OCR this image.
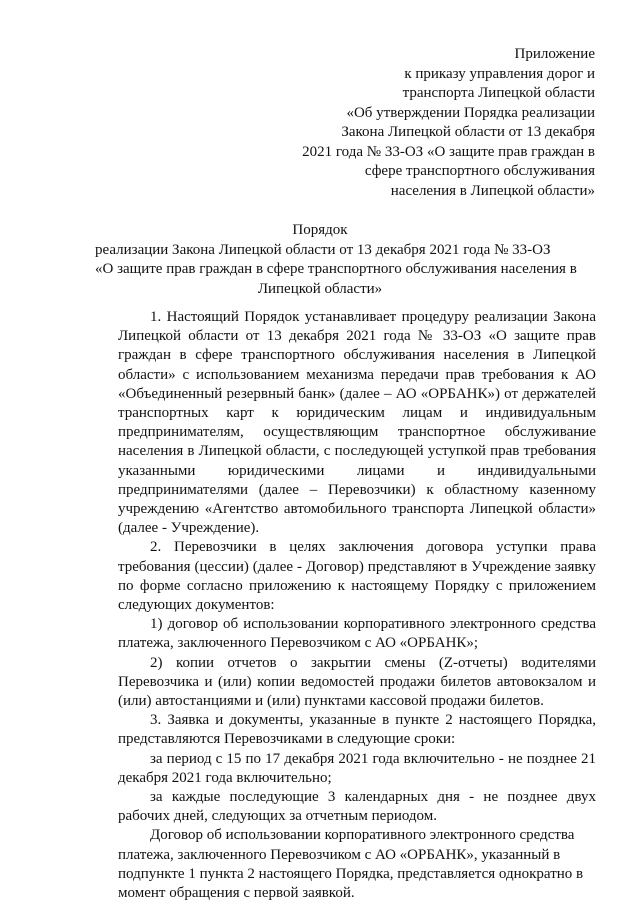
Приложение
к приказу управления дорог и
транспорта Липецкой области
«Об утверждении Порядка реализации
Закона Липецкой области от 13 декабря
2021 года № 33-ОЗ «О защите прав граждан в
сфере транспортного обслуживания
населения в Липецкой области»
Порядок
реализации Закона Липецкой области от 13 декабря 2021 года № 33-ОЗ
«О защите прав граждан в сфере транспортного обслуживания населения в
Липецкой области»

1. Настоящий Порядок устанавливает процедуру реализации Закона Липецкой области от 13 декабря 2021 года № 33-ОЗ «О защите прав граждан в сфере транспортного обслуживания населения в Липецкой области» с использованием механизма передачи прав требования к АО «Объединенный резервный банк» (далее – АО «ОРБАНК») от держателей транспортных карт к юридическим лицам и индивидуальным предпринимателям, осуществляющим транспортное обслуживание населения в Липецкой области, с последующей уступкой прав требования указанными юридическими лицами и индивидуальными предпринимателями (далее – Перевозчики) к областному казенному учреждению «Агентство автомобильного транспорта Липецкой области» (далее - Учреждение).

2. Перевозчики в целях заключения договора уступки права требования (цессии) (далее - Договор) представляют в Учреждение заявку по форме согласно приложению к настоящему Порядку с приложением следующих документов:

1) договор об использовании корпоративного электронного средства платежа, заключенного Перевозчиком с АО «ОРБАНК»;

2) копии отчетов о закрытии смены (Z-отчеты) водителями Перевозчика и (или) копии ведомостей продажи билетов автовокзалом и (или) автостанциями и (или) пунктами кассовой продажи билетов.

3. Заявка и документы, указанные в пункте 2 настоящего Порядка, представляются Перевозчиками в следующие сроки:

за период с 15 по 17 декабря 2021 года включительно - не позднее 21 декабря 2021 года включительно;

за каждые последующие 3 календарных дня - не позднее двух рабочих дней, следующих за отчетным периодом.

Договор об использовании корпоративного электронного средства платежа, заключенного Перевозчиком с АО «ОРБАНК», указанный в подпункте 1 пункта 2 настоящего Порядка, представляется однократно в момент обращения с первой заявкой.
